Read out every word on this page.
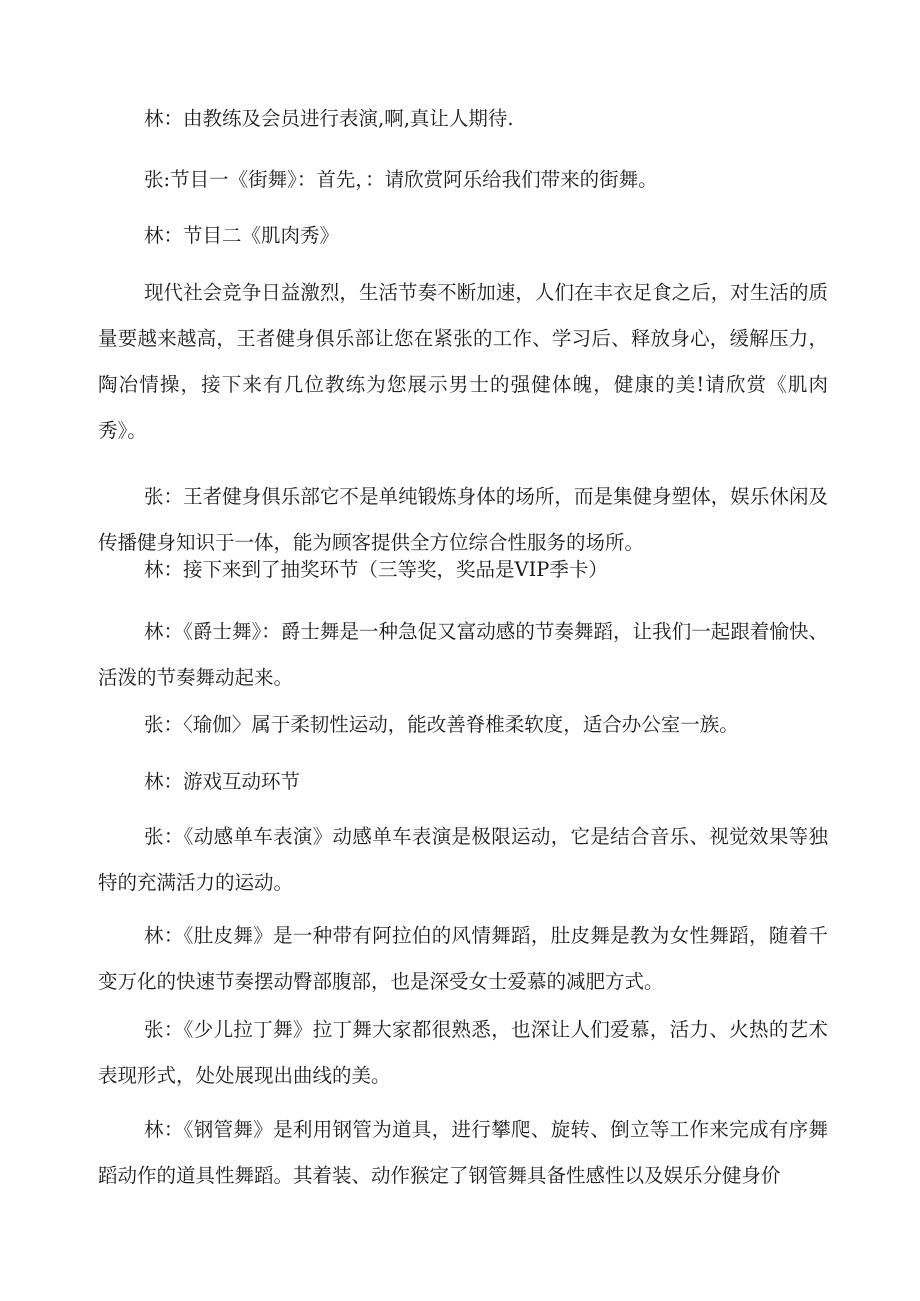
林：由教练及会员进行表演,啊,真让人期待.

张:节目一《街舞》：首先，：请欣赏阿乐给我们带来的街舞。

林：节目二《肌肉秀》

现代社会竞争日益激烈，生活节奏不断加速，人们在丰衣足食之后，对生活的质量要越来越高，王者健身俱乐部让您在紧张的工作、学习后、释放身心，缓解压力，陶冶情操，接下来有几位教练为您展示男士的强健体魄，健康的美!请欣赏《肌肉秀》。

张：王者健身俱乐部它不是单纯锻炼身体的场所，而是集健身塑体，娱乐休闲及传播健身知识于一体，能为顾客提供全方位综合性服务的场所。

林：接下来到了抽奖环节（三等奖，奖品是VIP季卡）

林：《爵士舞》：爵士舞是一种急促又富动感的节奏舞蹈，让我们一起跟着愉快、活泼的节奏舞动起来。

张：〈瑜伽〉属于柔韧性运动，能改善脊椎柔软度，适合办公室一族。

林：游戏互动环节

张：《动感单车表演》动感单车表演是极限运动，它是结合音乐、视觉效果等独特的充满活力的运动。

林：《肚皮舞》是一种带有阿拉伯的风情舞蹈，肚皮舞是教为女性舞蹈，随着千变万化的快速节奏摆动臀部腹部，也是深受女士爱慕的减肥方式。

张：《少儿拉丁舞》拉丁舞大家都很熟悉，也深让人们爱慕，活力、火热的艺术表现形式，处处展现出曲线的美。

林：《钢管舞》是利用钢管为道具，进行攀爬、旋转、倒立等工作来完成有序舞蹈动作的道具性舞蹈。其着装、动作猴定了钢管舞具备性感性以及娱乐分健身价
